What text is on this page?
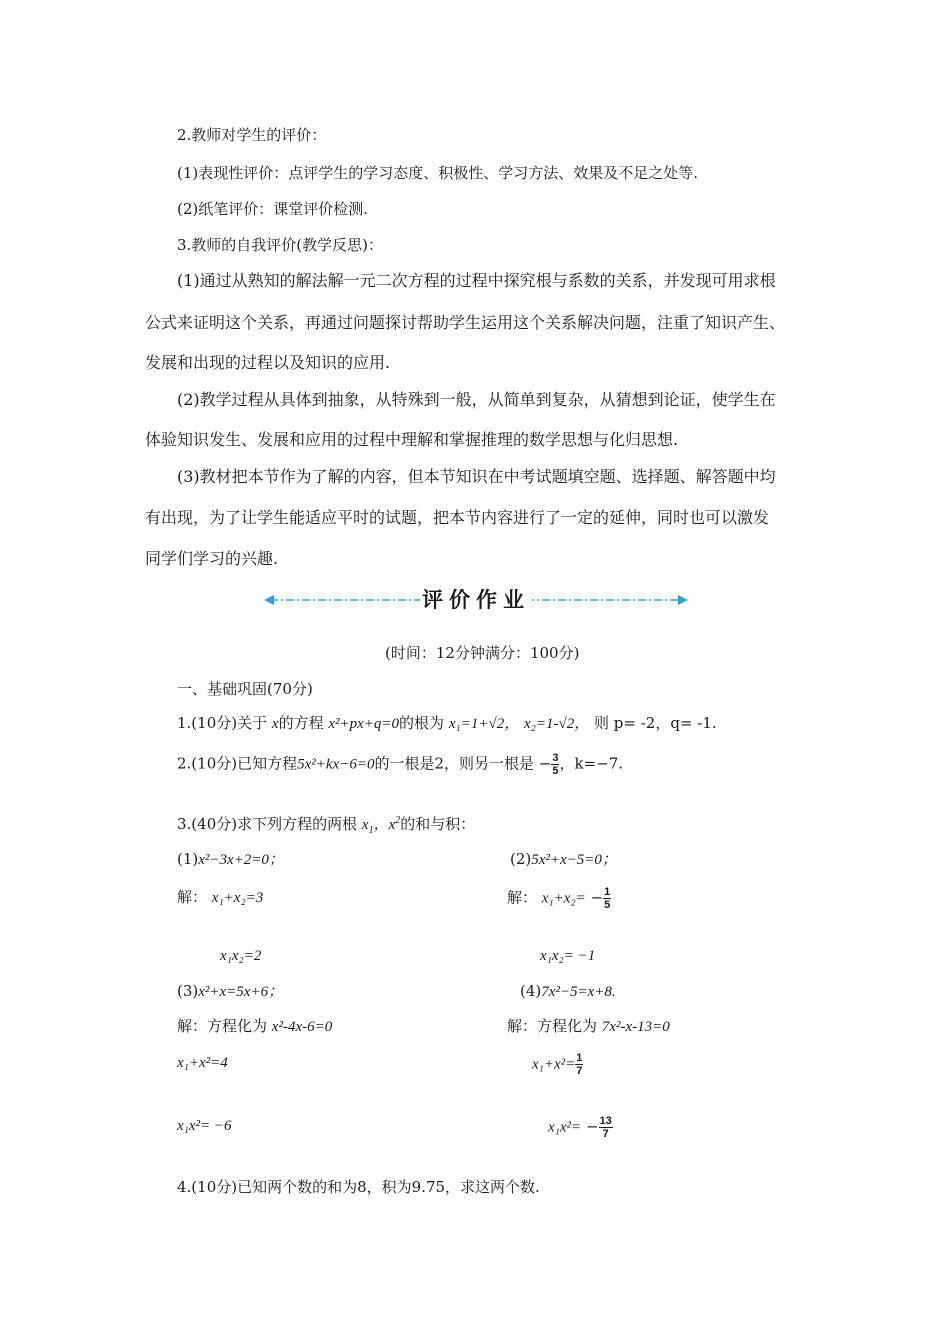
2.教师对学生的评价：
(1)表现性评价：点评学生的学习态度、积极性、学习方法、效果及不足之处等.
(2)纸笔评价：课堂评价检测.
3.教师的自我评价(教学反思)：
(1)通过从熟知的解法解一元二次方程的过程中探究根与系数的关系，并发现可用求根
公式来证明这个关系，再通过问题探讨帮助学生运用这个关系解决问题，注重了知识产生、
发展和出现的过程以及知识的应用.
(2)教学过程从具体到抽象，从特殊到一般，从简单到复杂，从猜想到论证，使学生在
体验知识发生、发展和应用的过程中理解和掌握推理的数学思想与化归思想.
(3)教材把本节作为了解的内容，但本节知识在中考试题填空题、选择题、解答题中均
有出现，为了让学生能适应平时的试题，把本节内容进行了一定的延伸，同时也可以激发
同学们学习的兴趣.
评价作业
(时间：12分钟满分：100分)
一、基础巩固(70分)
1.(10分)关于 x的方程 x²+px+q=0的根为 x₁=1+√2， x₂=1-√2， 则 p= -2，q= -1.
2.(10分)已知方程5x²+kx−6=0的一根是2，则另一根是 − $\frac{3}{5}$ ，k=−7.
3.(40分)求下列方程的两根 $x_1$，$x^2$的和与积：
(1)x²−3x+2=0；
解： x₁+x₂=3
x₁x₂=2
(2)5x²+x−5=0；
解： $x_1+x_2= - \frac{1}{5}$
x₁x₂= −1
(3)x²+x=5x+6；
解：方程化为 x²-4x-6=0
x₁+x²=4
x₁x²= −6
(4)7x²−5=x+8.
解：方程化为 7x²-x-13=0
$x_1+x^2= \frac{1}{7}$
$x_1x^2= - \frac{13}{7}$
4.(10分)已知两个数的和为8，积为9.75，求这两个数.
